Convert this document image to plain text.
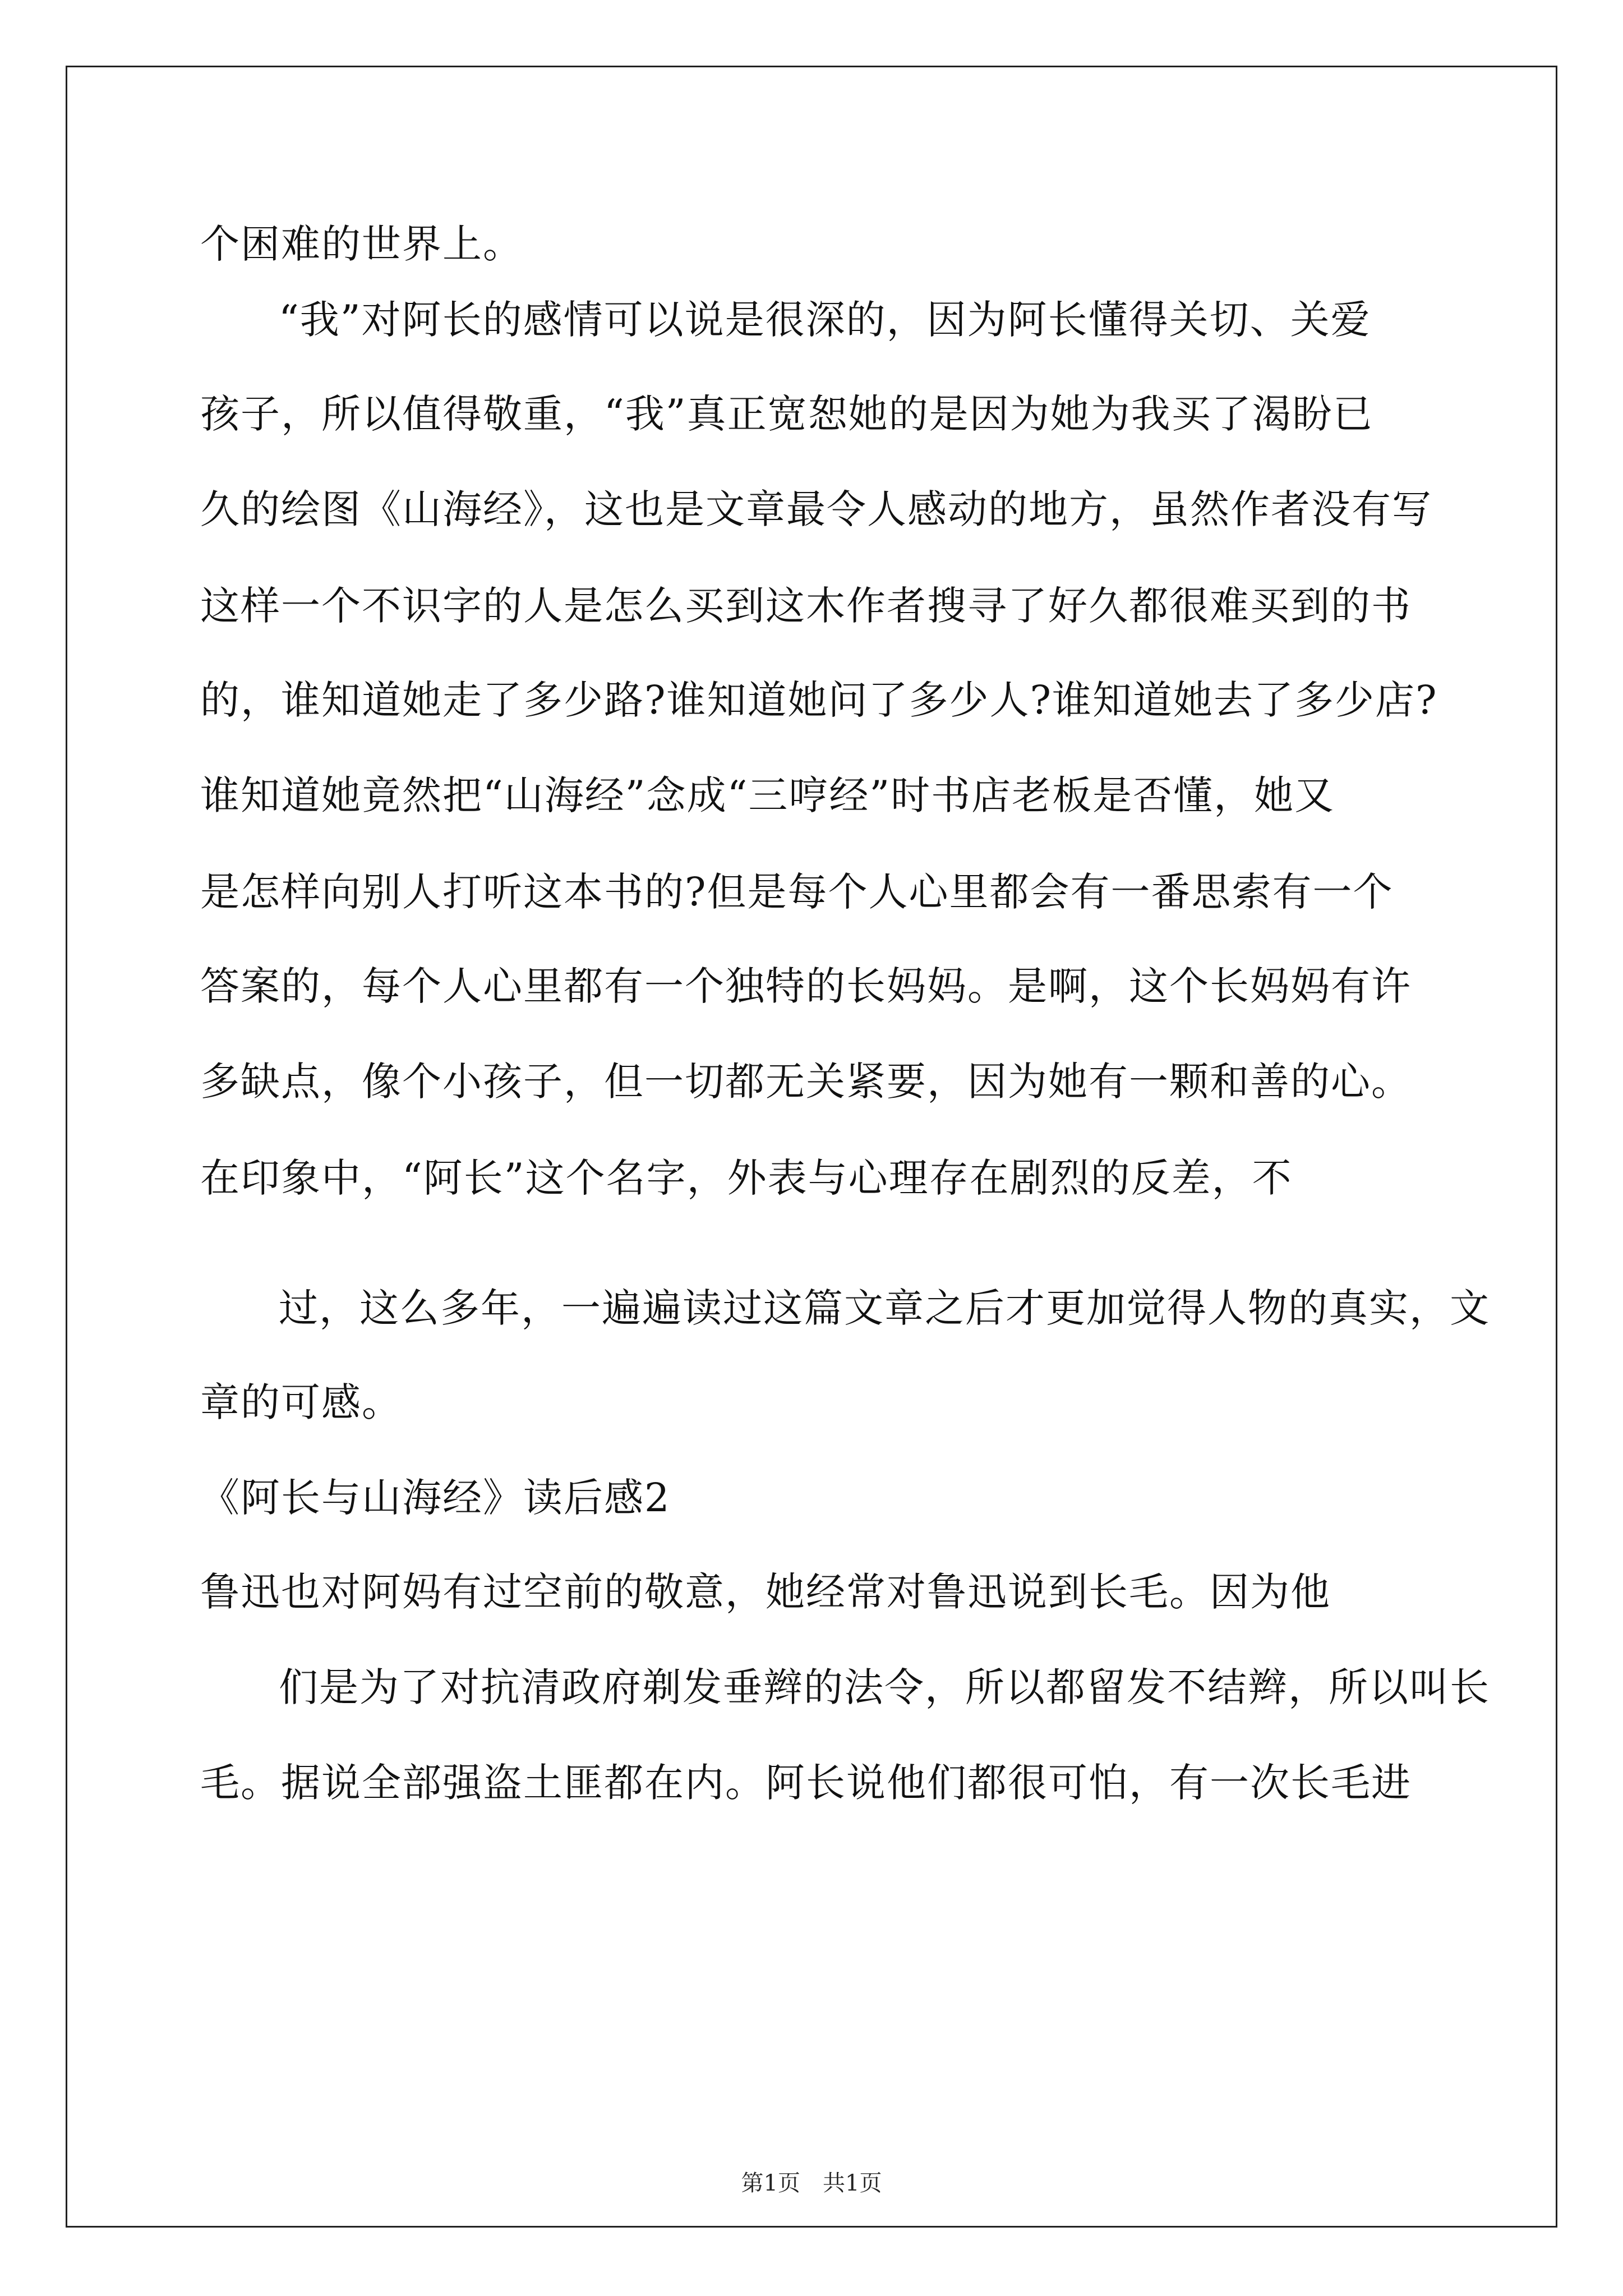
个困难的世界上。
“我”对阿长的感情可以说是很深的，因为阿长懂得关切、关爱
孩子，所以值得敬重，“我”真正宽恕她的是因为她为我买了渴盼已
久的绘图《山海经》，这也是文章最令人感动的地方，虽然作者没有写
这样一个不识字的人是怎么买到这木作者搜寻了好久都很难买到的书
的，谁知道她走了多少路?谁知道她问了多少人?谁知道她去了多少店?
谁知道她竟然把“山海经”念成“三哼经”时书店老板是否懂，她又
是怎样向别人打听这本书的?但是每个人心里都会有一番思索有一个
答案的，每个人心里都有一个独特的长妈妈。是啊，这个长妈妈有许
多缺点，像个小孩子，但一切都无关紧要，因为她有一颗和善的心。
在印象中，“阿长”这个名字，外表与心理存在剧烈的反差，不
过，这么多年，一遍遍读过这篇文章之后才更加觉得人物的真实，文
章的可感。
《阿长与山海经》读后感2
鲁迅也对阿妈有过空前的敬意，她经常对鲁迅说到长毛。因为他
们是为了对抗清政府剃发垂辫的法令，所以都留发不结辫，所以叫长
毛。据说全部强盗土匪都在内。阿长说他们都很可怕，有一次长毛进
第1页　共1页
